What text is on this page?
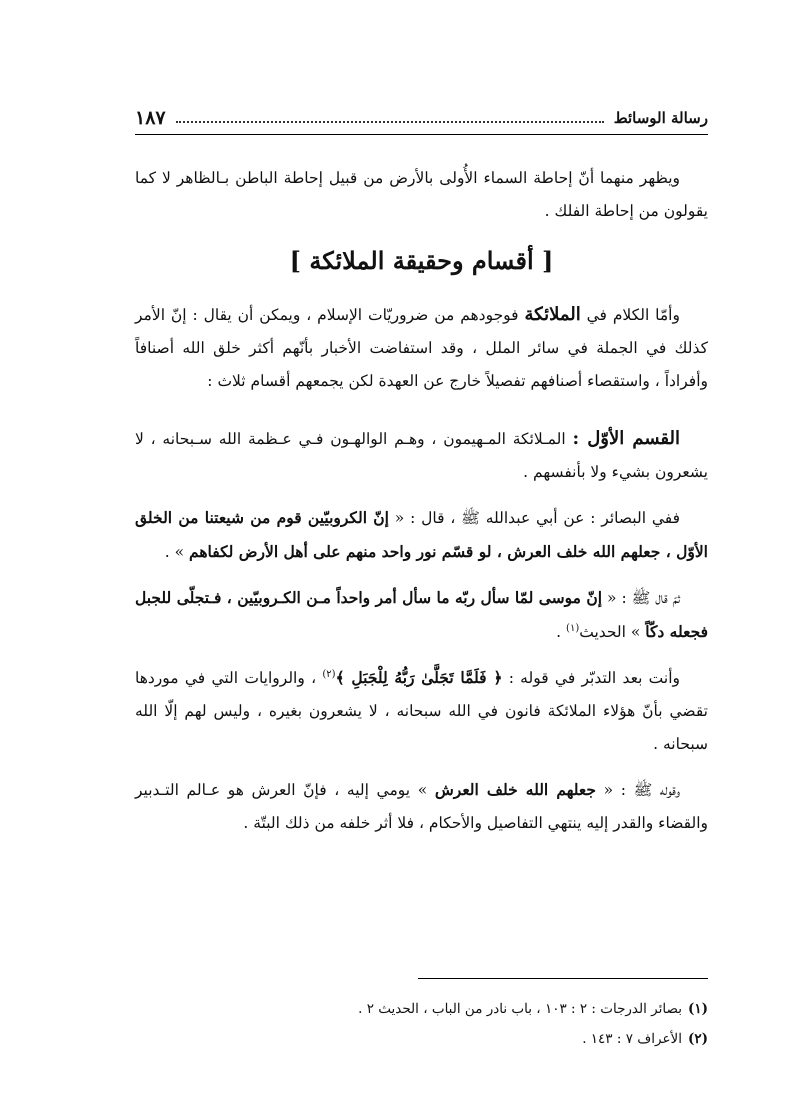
رسالة الوسائط
١٨٧

ويظهر منهما أنّ إحاطة السماء الأُولى بالأرض من قبيل إحاطة الباطن بـالظاهر لا كما يقولون من إحاطة الفلك .

[ أقسام وحقيقة الملائكة ]

وأمّا الكلام في الملائكة فوجودهم من ضروريّات الإسلام ، ويمكن أن يقال : إنّ الأمر كذلك في الجملة في سائر الملل ، وقد استفاضت الأخبار بأنّهم أكثر خلق الله أصنافاً وأفراداً ، واستقصاء أصنافهم تفصيلاً خارج عن العهدة لكن يجمعهم أقسام ثلاث :

القسم الأوّل : المـلائكة المـهيمون ، وهـم الوالهـون فـي عـظمة الله سـبحانه ، لا يشعرون بشيء ولا بأنفسهم .

ففي البصائر : عن أبي عبدالله ﷺ ، قال : « إنّ الكروبيّين قوم من شيعتنا من الخلق الأوّل ، جعلهم الله خلف العرش ، لو قسّم نور واحد منهم على أهل الأرض لكفاهم » .

ثمّ قال ﷺ : « إنّ موسى لمّا سأل ربّه ما سأل أمر واحداً مـن الكـروبيّين ، فـتجلّى للجبل فجعله دكّاً » الحديث$^{(١)}$ .

وأنت بعد التدبّر في قوله : ﴿ فَلَمَّا تَجَلَّىٰ رَبُّهُ لِلْجَبَلِ ﴾$^{(٢)}$ ، والروايات التي في موردها تقضي بأنّ هؤلاء الملائكة فانون في الله سبحانه ، لا يشعرون بغيره ، وليس لهم إلّا الله سبحانه .

وقوله ﷺ : « جعلهم الله خلف العرش » يومي إليه ، فإنّ العرش هو عـالم التـدبير والقضاء والقدر إليه ينتهي التفاصيل والأحكام ، فلا أثر خلفه من ذلك البتّة .

(١)بصائر الدرجات : ٢ : ١٠٣ ، باب نادر من الباب ، الحديث ٢ .

(٢)الأعراف ٧ : ١٤٣ .
